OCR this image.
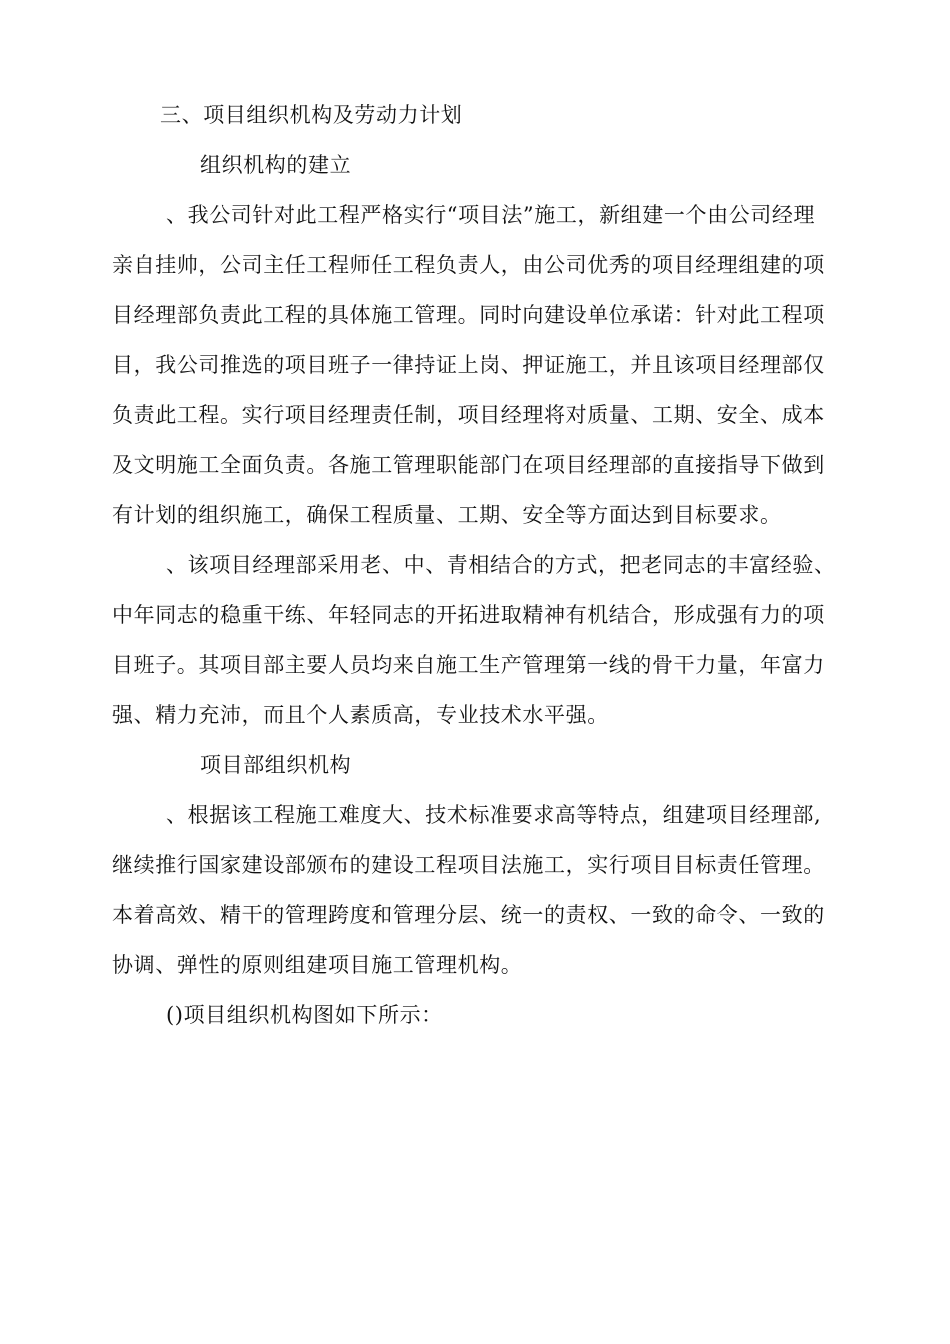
三、项目组织机构及劳动力计划
组织机构的建立
、我公司针对此工程严格实行“项目法”施工，新组建一个由公司经理
亲自挂帅，公司主任工程师任工程负责人，由公司优秀的项目经理组建的项
目经理部负责此工程的具体施工管理。同时向建设单位承诺：针对此工程项
目，我公司推选的项目班子一律持证上岗、押证施工，并且该项目经理部仅
负责此工程。实行项目经理责任制，项目经理将对质量、工期、安全、成本
及文明施工全面负责。各施工管理职能部门在项目经理部的直接指导下做到
有计划的组织施工，确保工程质量、工期、安全等方面达到目标要求。
、该项目经理部采用老、中、青相结合的方式，把老同志的丰富经验、
中年同志的稳重干练、年轻同志的开拓进取精神有机结合，形成强有力的项
目班子。其项目部主要人员均来自施工生产管理第一线的骨干力量，年富力
强、精力充沛，而且个人素质高，专业技术水平强。
项目部组织机构
、根据该工程施工难度大、技术标准要求高等特点，组建项目经理部,
继续推行国家建设部颁布的建设工程项目法施工，实行项目目标责任管理。
本着高效、精干的管理跨度和管理分层、统一的责权、一致的命令、一致的
协调、弹性的原则组建项目施工管理机构。
()项目组织机构图如下所示：
